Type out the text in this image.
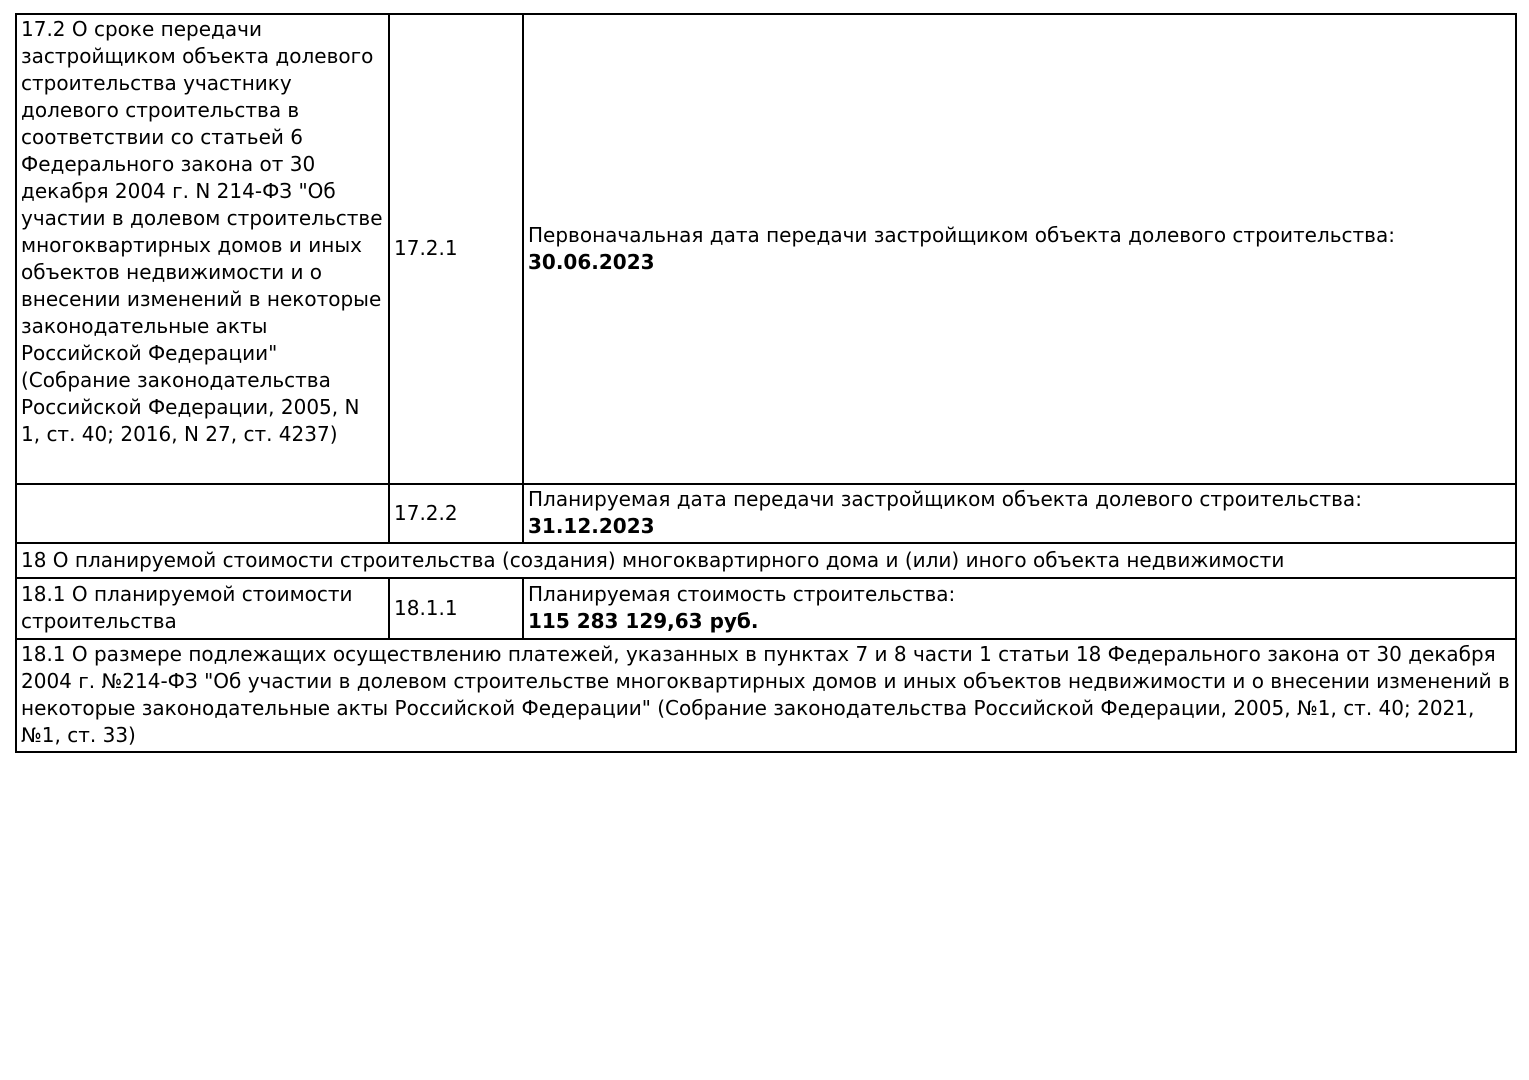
17.2 О сроке передачи застройщиком объекта долевого строительства участнику долевого строительства в соответствии со статьей 6 Федерального закона от 30 декабря 2004 г. N 214-ФЗ "Об участии в долевом строительстве многоквартирных домов и иных объектов недвижимости и о внесении изменений в некоторые законодательные акты Российской Федерации" (Собрание законодательства Российской Федерации, 2005, N 1, ст. 40; 2016, N 27, ст. 4237)	17.2.1	Первоначальная дата передачи застройщиком объекта долевого строительства:
30.06.2023

	17.2.2	Планируемая дата передачи застройщиком объекта долевого строительства:
31.12.2023

18 О планируемой стоимости строительства (создания) многоквартирного дома и (или) иного объекта недвижимости		
18.1 О планируемой стоимости строительства	18.1.1	Планируемая стоимость строительства:
115 283 129,63 руб.

18.1 О размере подлежащих осуществлению платежей, указанных в пунктах 7 и 8 части 1 статьи 18 Федерального закона от 30 декабря 2004 г. №214-ФЗ "Об участии в долевом строительстве многоквартирных домов и иных объектов недвижимости и о внесении изменений в некоторые законодательные акты Российской Федерации" (Собрание законодательства Российской Федерации, 2005, №1, ст. 40; 2021, №1, ст. 33)		
